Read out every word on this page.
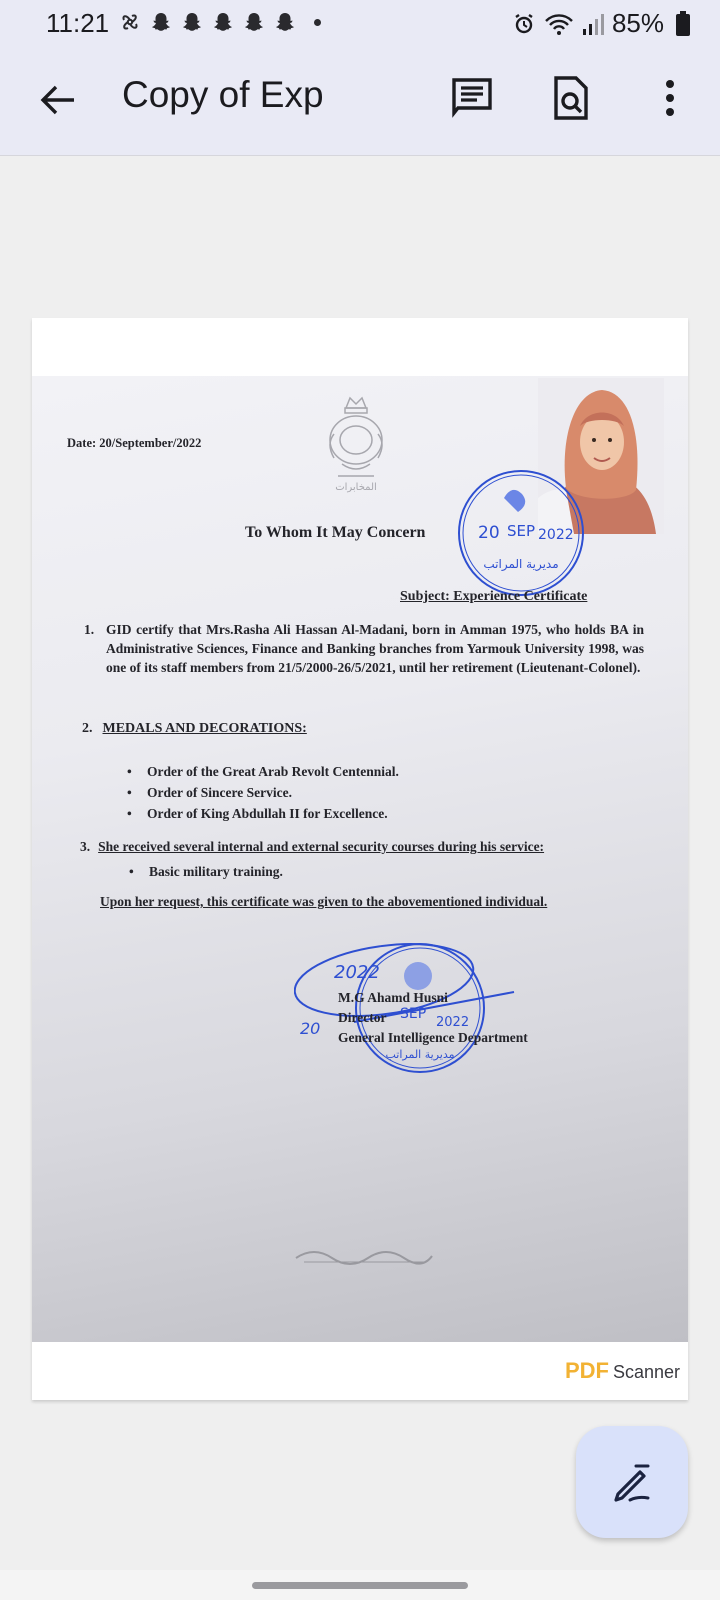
11:21	85%
Copy of Exp
ﺍﻟﻤﺨﺎﺑﺮﺍﺕ
Date: 20/September/2022
To Whom It May Concern	20 SEP 2022
مديرية المراتب
Subject: Experience Certificate
1. GID certify that Mrs.Rasha Ali Hassan Al-Madani, born in Amman 1975, who holds BA in Administrative Sciences, Finance and Banking branches from Yarmouk University 1998, was one of its staff members from 21/5/2000-26/5/2021, until her retirement (Lieutenant-Colonel).
2. MEDALS AND DECORATIONS:
• Order of the Great Arab Revolt Centennial.
• Order of Sincere Service.
• Order of King Abdullah II for Excellence.
3. She received several internal and external security courses during his service:
• Basic military training.
Upon her request, this certificate was given to the abovementioned individual.
2022
20
SEP
2022
مديرية المراتب
M.G Ahamd Husni
Director
General Intelligence Department
PDF Scanner
